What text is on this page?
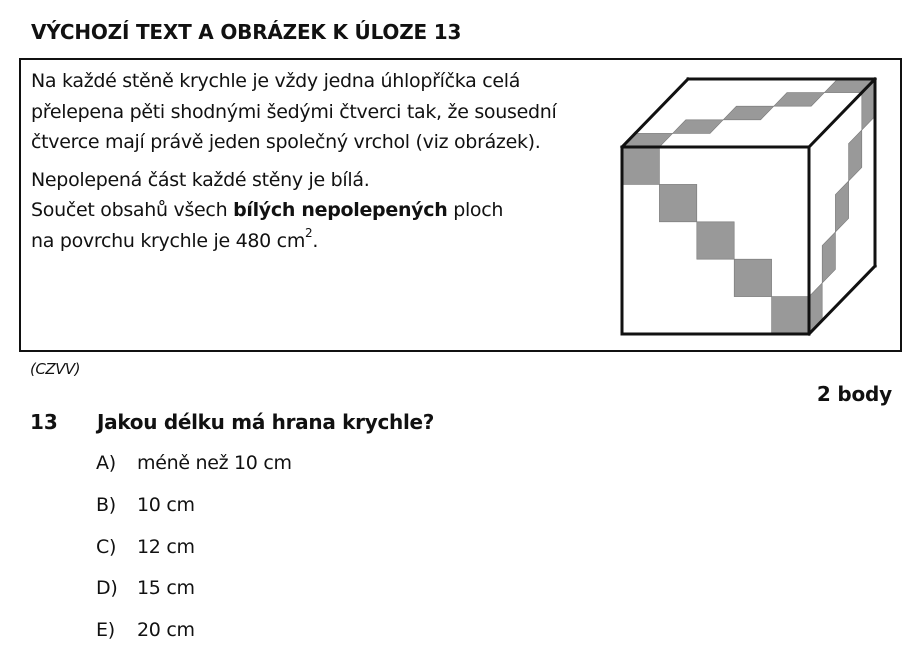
VÝCHOZÍ TEXT A OBRÁZEK K ÚLOZE 13
Na každé stěně krychle je vždy jedna úhlopříčka celá
přelepena pěti shodnými šedými čtverci tak, že sousední
čtverce mají právě jeden společný vrchol (viz obrázek).
Nepolepená část každé stěny je bílá.
Součet obsahů všech bílých nepolepených ploch
na povrchu krychle je 480 $cm^2$.
(CZVV)
2 body
13 Jakou délku má hrana krychle?
A) méně než 10 cm
B) 10 cm
C) 12 cm
D) 15 cm
E) 20 cm
